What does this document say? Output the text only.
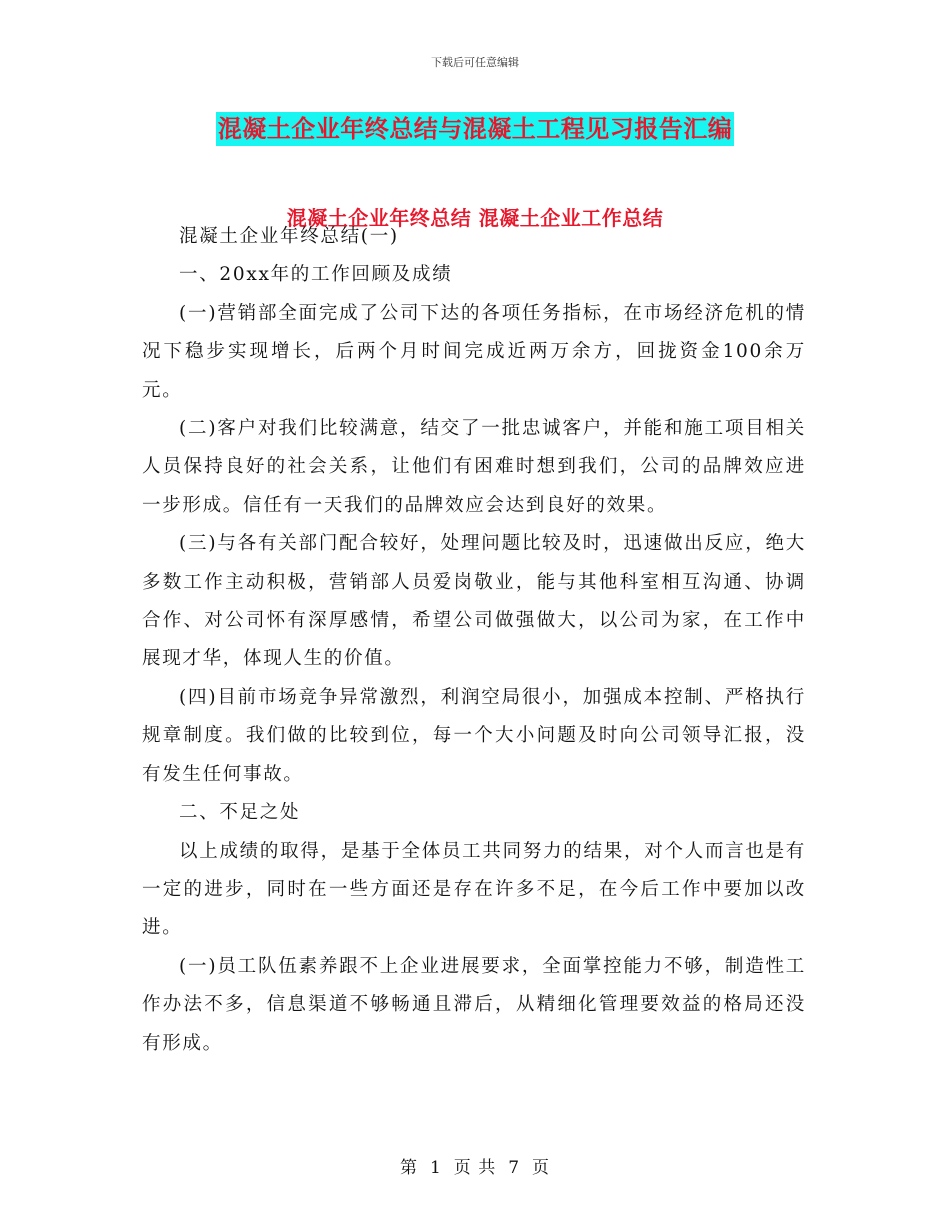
下载后可任意编辑
混凝土企业年终总结与混凝土工程见习报告汇编
混凝土企业年终总结 混凝土企业工作总结

混凝土企业年终总结(一)

一、20xx年的工作回顾及成绩

(一)营销部全面完成了公司下达的各项任务指标，在市场经济危机的情况下稳步实现增长，后两个月时间完成近两万余方，回拢资金100余万元。

(二)客户对我们比较满意，结交了一批忠诚客户，并能和施工项目相关人员保持良好的社会关系，让他们有困难时想到我们，公司的品牌效应进一步形成。信任有一天我们的品牌效应会达到良好的效果。

(三)与各有关部门配合较好，处理问题比较及时，迅速做出反应，绝大多数工作主动积极，营销部人员爱岗敬业，能与其他科室相互沟通、协调合作、对公司怀有深厚感情，希望公司做强做大，以公司为家，在工作中展现才华，体现人生的价值。

(四)目前市场竞争异常激烈，利润空局很小，加强成本控制、严格执行规章制度。我们做的比较到位，每一个大小问题及时向公司领导汇报，没有发生任何事故。

二、不足之处

以上成绩的取得，是基于全体员工共同努力的结果，对个人而言也是有一定的进步，同时在一些方面还是存在许多不足，在今后工作中要加以改进。

(一)员工队伍素养跟不上企业进展要求，全面掌控能力不够，制造性工作办法不多，信息渠道不够畅通且滞后，从精细化管理要效益的格局还没有形成。

第 1 页 共 7 页
